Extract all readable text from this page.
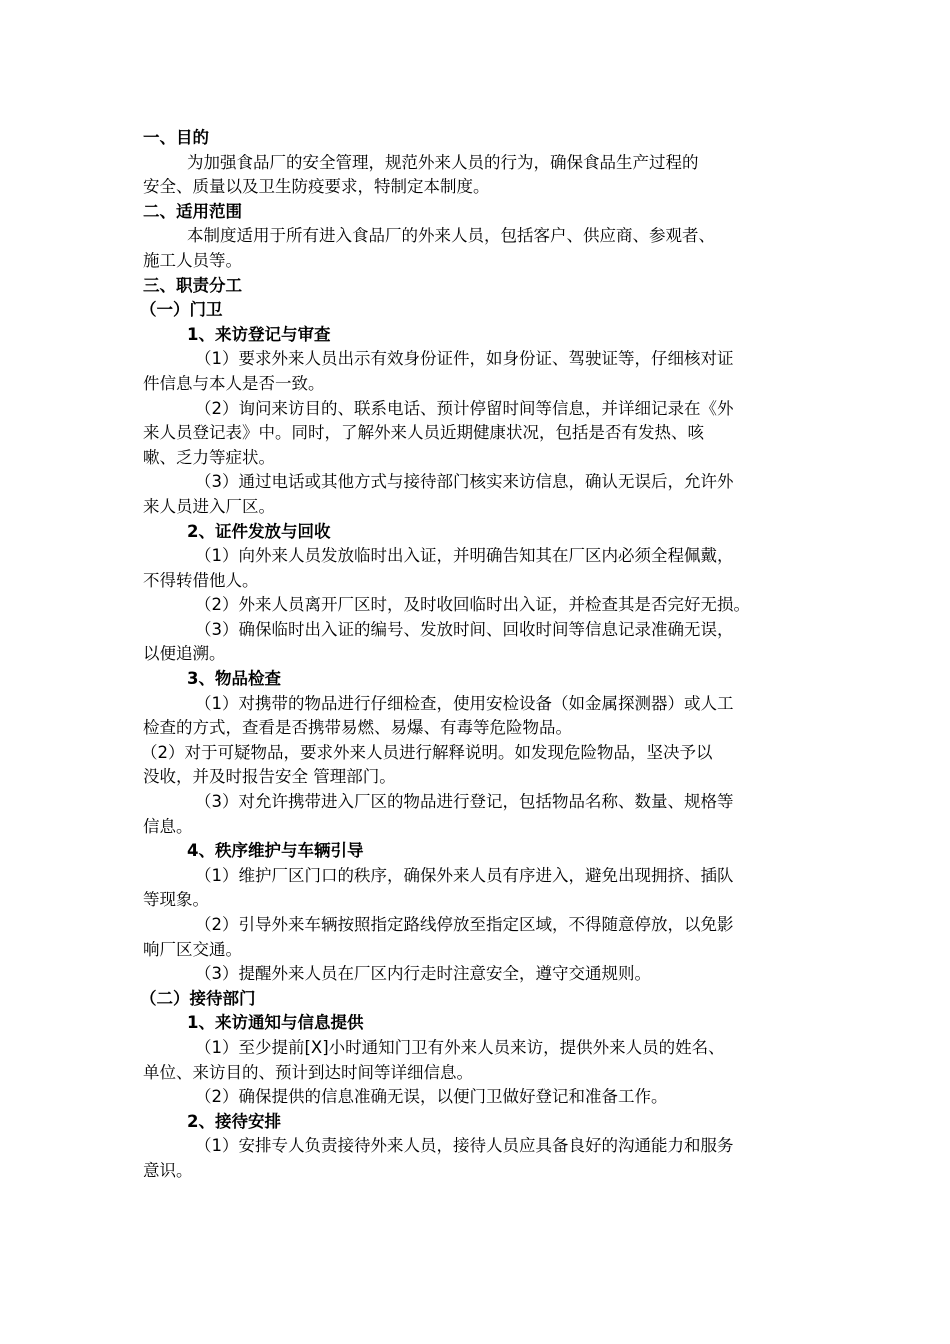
一、目的
为加强食品厂的安全管理，规范外来人员的行为，确保食品生产过程的
安全、质量以及卫生防疫要求，特制定本制度。
二、适用范围
本制度适用于所有进入食品厂的外来人员，包括客户、供应商、参观者、
施工人员等。
三、职责分工
（一）门卫
1、来访登记与审查
（1）要求外来人员出示有效身份证件，如身份证、驾驶证等，仔细核对证
件信息与本人是否一致。
（2）询问来访目的、联系电话、预计停留时间等信息，并详细记录在《外
来人员登记表》中。同时，了解外来人员近期健康状况，包括是否有发热、咳
嗽、乏力等症状。
（3）通过电话或其他方式与接待部门核实来访信息，确认无误后，允许外
来人员进入厂区。
2、证件发放与回收
（1）向外来人员发放临时出入证，并明确告知其在厂区内必须全程佩戴，
不得转借他人。
（2）外来人员离开厂区时，及时收回临时出入证，并检查其是否完好无损。
（3）确保临时出入证的编号、发放时间、回收时间等信息记录准确无误，
以便追溯。
3、物品检查
（1）对携带的物品进行仔细检查，使用安检设备（如金属探测器）或人工
检查的方式，查看是否携带易燃、易爆、有毒等危险物品。
（2）对于可疑物品，要求外来人员进行解释说明。如发现危险物品，坚决予以
没收，并及时报告安全 管理部门。
（3）对允许携带进入厂区的物品进行登记，包括物品名称、数量、规格等
信息。
4、秩序维护与车辆引导
（1）维护厂区门口的秩序，确保外来人员有序进入，避免出现拥挤、插队
等现象。
（2）引导外来车辆按照指定路线停放至指定区域，不得随意停放，以免影
响厂区交通。
（3）提醒外来人员在厂区内行走时注意安全，遵守交通规则。
（二）接待部门
1、来访通知与信息提供
（1）至少提前[X]小时通知门卫有外来人员来访，提供外来人员的姓名、
单位、来访目的、预计到达时间等详细信息。
（2）确保提供的信息准确无误，以便门卫做好登记和准备工作。
2、接待安排
（1）安排专人负责接待外来人员，接待人员应具备良好的沟通能力和服务
意识。
